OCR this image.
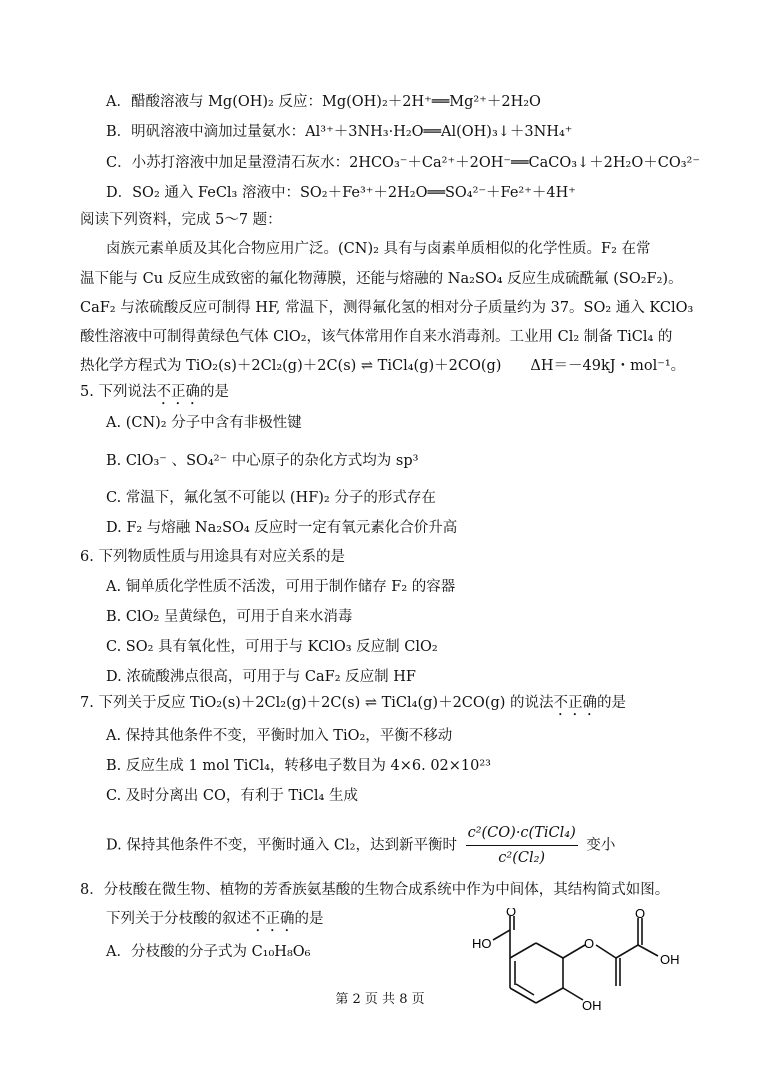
A．醋酸溶液与 Mg(OH)₂ 反应：Mg(OH)₂＋2H⁺══Mg²⁺＋2H₂O
B．明矾溶液中滴加过量氨水：Al³⁺＋3NH₃·H₂O══Al(OH)₃↓＋3NH₄⁺
C．小苏打溶液中加足量澄清石灰水：2HCO₃⁻＋Ca²⁺＋2OH⁻══CaCO₃↓＋2H₂O＋CO₃²⁻
D．SO₂ 通入 FeCl₃ 溶液中：SO₂＋Fe³⁺＋2H₂O══SO₄²⁻＋Fe²⁺＋4H⁺
阅读下列资料，完成 5～7 题：
卤族元素单质及其化合物应用广泛。(CN)₂ 具有与卤素单质相似的化学性质。F₂ 在常
温下能与 Cu 反应生成致密的氟化物薄膜，还能与熔融的 Na₂SO₄ 反应生成硫酰氟 (SO₂F₂)。
CaF₂ 与浓硫酸反应可制得 HF, 常温下，测得氟化氢的相对分子质量约为 37。SO₂ 通入 KClO₃
酸性溶液中可制得黄绿色气体 ClO₂，该气体常用作自来水消毒剂。工业用 Cl₂ 制备 TiCl₄ 的
热化学方程式为 TiO₂(s)＋2Cl₂(g)＋2C(s) ⇌ TiCl₄(g)＋2CO(g)　　ΔH＝－49kJ・mol⁻¹。
5. 下列说法不正确的是
A. (CN)₂ 分子中含有非极性键
B. ClO₃⁻ 、SO₄²⁻ 中心原子的杂化方式均为 sp³
C. 常温下，氟化氢不可能以 (HF)₂ 分子的形式存在
D. F₂ 与熔融 Na₂SO₄ 反应时一定有氧元素化合价升高
6. 下列物质性质与用途具有对应关系的是
A. 铜单质化学性质不活泼，可用于制作储存 F₂ 的容器
B. ClO₂ 呈黄绿色，可用于自来水消毒
C. SO₂ 具有氧化性，可用于与 KClO₃ 反应制 ClO₂
D. 浓硫酸沸点很高，可用于与 CaF₂ 反应制 HF
7. 下列关于反应 TiO₂(s)＋2Cl₂(g)＋2C(s) ⇌ TiCl₄(g)＋2CO(g) 的说法不正确的是
A. 保持其他条件不变，平衡时加入 TiO₂，平衡不移动
B. 反应生成 1 mol TiCl₄，转移电子数目为 4×6. 02×10²³
C. 及时分离出 CO，有利于 TiCl₄ 生成
D. 保持其他条件不变，平衡时通入 Cl₂，达到新平衡时 $\frac{\text{c²(CO)·c(TiCl₄)}}{\text{c²(Cl₂)}}$ 变小
8．分枝酸在微生物、植物的芳香族氨基酸的生物合成系统中作为中间体，其结构简式如图。
下列关于分枝酸的叙述不正确的是
A．分枝酸的分子式为 C₁₀H₈O₆
O
O
O
HO
OH
OH
第 2 页 共 8 页
